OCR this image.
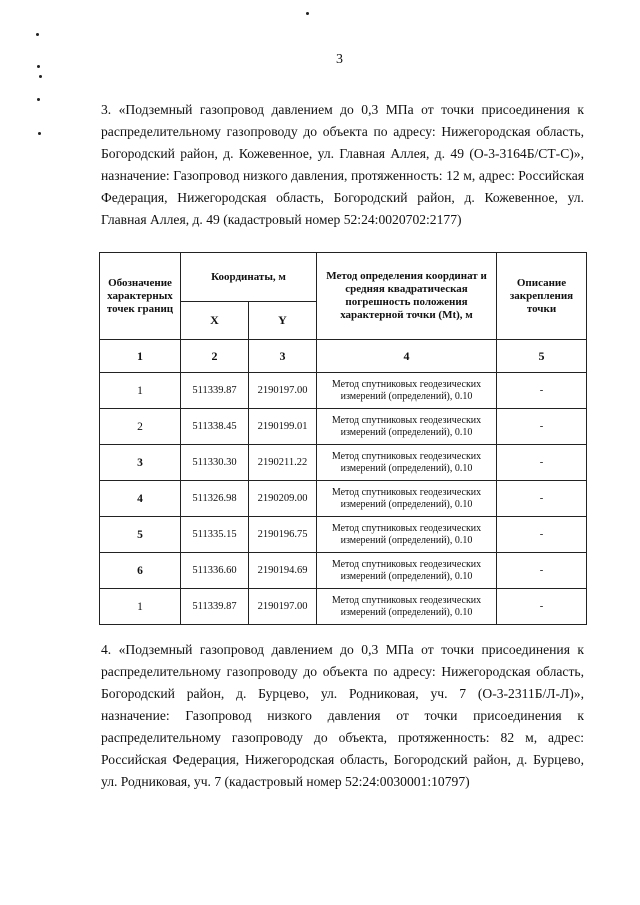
3

3. «Подземный газопровод давлением до 0,3 МПа от точки присоединения к распределительному газопроводу до объекта по адресу: Нижегородская область, Богородский район, д. Кожевенное, ул. Главная Аллея, д. 49 (О-3-3164Б/СТ-С)», назначение: Газопровод низкого давления, протяженность: 12 м, адрес: Российская Федерация, Нижегородская область, Богородский район, д. Кожевенное, ул. Главная Аллея, д. 49 (кадастровый номер 52:24:0020702:2177)

Обозначение характерных точек границ	Координаты, м		Метод определения координат и средняя квадратическая погрешность положения характерной точки (Mt), м	Описание закрепления точки
	X	Y		
1	2	3	4	5
1	511339.87	2190197.00	Метод спутниковых геодезических измерений (определений), 0.10	-
2	511338.45	2190199.01	Метод спутниковых геодезических измерений (определений), 0.10	-
3	511330.30	2190211.22	Метод спутниковых геодезических измерений (определений), 0.10	-
4	511326.98	2190209.00	Метод спутниковых геодезических измерений (определений), 0.10	-
5	511335.15	2190196.75	Метод спутниковых геодезических измерений (определений), 0.10	-
6	511336.60	2190194.69	Метод спутниковых геодезических измерений (определений), 0.10	-
1	511339.87	2190197.00	Метод спутниковых геодезических измерений (определений), 0.10	-

4. «Подземный газопровод давлением до 0,3 МПа от точки присоединения к распределительному газопроводу до объекта по адресу: Нижегородская область, Богородский район, д. Бурцево, ул. Родниковая, уч. 7 (О-3-2311Б/Л-Л)», назначение: Газопровод низкого давления от точки присоединения к распределительному газопроводу до объекта, протяженность: 82 м, адрес: Российская Федерация, Нижегородская область, Богородский район, д. Бурцево, ул. Родниковая, уч. 7 (кадастровый номер 52:24:0030001:10797)
